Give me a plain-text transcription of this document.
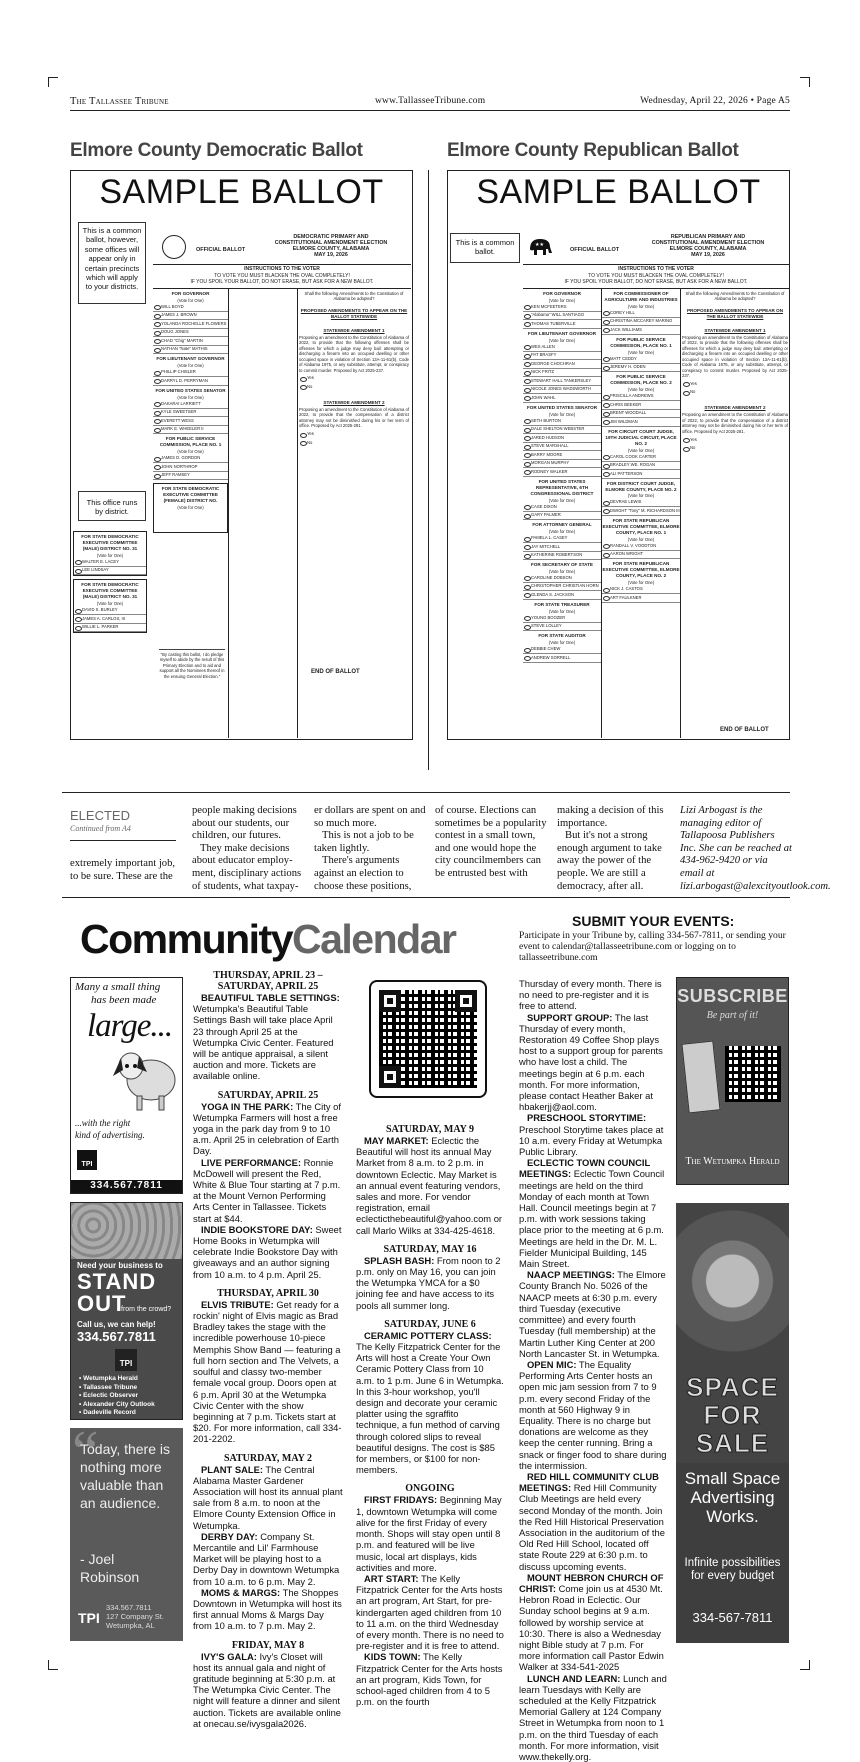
The Tallassee Tribune	www.TallasseeTribune.com	Wednesday, April 22, 2026 • Page A5
Elmore County Democratic Ballot	Elmore County Republican Ballot
SAMPLE BALLOT
This is a common ballot, however, some offices will appear only in certain precincts which will apply to your districts.
This office runs by district.
OFFICIAL BALLOT
DEMOCRATIC PRIMARY AND
CONSTITUTIONAL AMENDMENT ELECTION
ELMORE COUNTY, ALABAMA
MAY 19, 2026
INSTRUCTIONS TO THE VOTER
TO VOTE YOU MUST BLACKEN THE OVAL COMPLETELY!
IF YOU SPOIL YOUR BALLOT, DO NOT ERASE, BUT ASK FOR A NEW BALLOT.
FOR GOVERNOR
(Vote for One)
WILL BOYD
JAMES J. BROWN
YOLANDA ROCHELLE FLOWERS
DOUG JONES
CHAD "Chig" MARTIN
NATHAN "Nate" MATHIS
FOR LIEUTENANT GOVERNOR
(Vote for One)
PHILLIP CHISLER
DARRYL D. PERRYMAN
FOR UNITED STATES SENATOR
(Vote for One)
DAKARAI LARRIETT
KYLE SWEETSER
EVERETT WESS
MARK E. WHEELER II
FOR PUBLIC SERVICE COMMISSION, PLACE NO. 1
(Vote for One)
JAMES D. GORDON
JOHN NORTHROP
JEFF RAMSEY
FOR STATE DEMOCRATIC EXECUTIVE COMMITTEE (FEMALE) DISTRICT NO.
(Vote for One)
FOR STATE DEMOCRATIC EXECUTIVE COMMITTEE (MALE) DISTRICT NO. 31
(Vote for One)
WALTER E. LACEY
LEE LINDSAY
FOR STATE DEMOCRATIC EXECUTIVE COMMITTEE (MALE) DISTRICT NO. 31
(Vote for One)
DAVID S. BURLEY
JAMES A. CARLOS, III
WILLIE L. PARKER
Shall the following Amendments to the Constitution of Alabama be adopted?
PROPOSED AMENDMENTS TO APPEAR ON THE BALLOT STATEWIDE
STATEWIDE AMENDMENT 1
Proposing an amendment to the Constitution of Alabama of 2022, to provide that the following offenses shall be offenses for which a judge may deny bail: attempting or discharging a firearm into an occupied dwelling or other occupied space in violation of Section 13A-11-61(b), Code of Alabama 1975, or any substitute, attempt, or conspiracy to commit murder. Proposed by Act 2025-237.
Yes
No
STATEWIDE AMENDMENT 2
Proposing an amendment to the Constitution of Alabama of 2022, to provide that the compensation of a district attorney may not be diminished during his or her term of office. Proposed by Act 2025-281.
Yes
No
"By casting this ballot, I do pledge myself to abide by the result of this Primary Election and to aid and support all the Nominees thereof in the ensuing General Election."
END OF BALLOT
SAMPLE BALLOT
This is a common ballot.
★★
OFFICIAL BALLOT
REPUBLICAN PRIMARY AND
CONSTITUTIONAL AMENDMENT ELECTION
ELMORE COUNTY, ALABAMA
MAY 19, 2026
INSTRUCTIONS TO THE VOTER
TO VOTE YOU MUST BLACKEN THE OVAL COMPLETELY!
IF YOU SPOIL YOUR BALLOT, DO NOT ERASE, BUT ASK FOR A NEW BALLOT.
FOR GOVERNOR
(Vote for One)
KEN MCFEETERS
"Alabama" WILL SANTIAGO
THOMAS TUBERVILLE
FOR LIEUTENANT GOVERNOR
(Vote for One)
WES ALLEN
PAT BRASFY
GEORGE CHOCHRAN
NICK FRITZ
STEWART HALL TANKERSLEY
NICOLE JONES WADSWORTH
JOHN WAHL
FOR UNITED STATES SENATOR
(Vote for One)
SETH BURTON
DALE SHELTON WEBSTER
JARED HUDSON
STEVE MARSHALL
BARRY MOORE
MORGAN MURPHY
RODNEY WALKER
FOR UNITED STATES REPRESENTATIVE, 6TH CONGRESSIONAL DISTRICT
(Vote for One)
CASE DIXON
GARY PALMER
FOR ATTORNEY GENERAL
(Vote for One)
PAMELA L. CASEY
JAY MITCHELL
KATHERINE ROBERTSON
FOR SECRETARY OF STATE
(Vote for One)
CAROLINE DOBSON
CHRISTOPHER CHRISTIAN HORN
GLENDA S. JACKSON
FOR STATE TREASURER
(Vote for One)
YOUNG BOOZER
STEVE LOLLEY
FOR STATE AUDITOR
(Vote for One)
DEBBIE CHEW
ANDREW SORRELL
FOR COMMISSIONER OF AGRICULTURE AND INDUSTRIES
(Vote for One)
COREY HILL
CHRISTINA MCCAREY MARINO
JACK WILLIAMS
FOR PUBLIC SERVICE COMMISSION, PLACE NO. 1
(Vote for One)
MATT CEDDY
JEREMY H. ODEN
FOR PUBLIC SERVICE COMMISSION, PLACE NO. 2
(Vote for One)
PRISCILLA ANDREWS
CHRIS BEEKER
BRENT WOODALL
JIM WILDMAN
FOR CIRCUIT COURT JUDGE, 19TH JUDICIAL CIRCUIT, PLACE NO. 2
(Vote for One)
CAROL COOK CARTER
BRADLEY WE. ROGAN
ALI PATTERSON
FOR DISTRICT COURT JUDGE, ELMORE COUNTY, PLACE NO. 2
(Vote for One)
DEVRAE LEWIS
DWIGHT "Tony" M. RICHARDSON III
FOR STATE REPUBLICAN EXECUTIVE COMMITTEE, ELMORE COUNTY, PLACE NO. 1
(Vote for One)
RANDALL V. VOODTON
AARON WRIGHT
FOR STATE REPUBLICAN EXECUTIVE COMMITTEE, ELMORE COUNTY, PLACE NO. 2
(Vote for One)
NICK J. CASTOS
ART FAULKNER
Shall the following Amendments to the Constitution of Alabama be adopted?
PROPOSED AMENDMENTS TO APPEAR ON THE BALLOT STATEWIDE
STATEWIDE AMENDMENT 1
Proposing an amendment to the Constitution of Alabama of 2022, to provide that the following offenses shall be offenses for which a judge may deny bail: attempting or discharging a firearm into an occupied dwelling or other occupied space in violation of Section 13A-11-61(b), Code of Alabama 1975, or any substitute, attempt, or conspiracy to commit murder. Proposed by Act 2025-237.
Yes
No
STATEWIDE AMENDMENT 2
Proposing an amendment to the Constitution of Alabama of 2022, to provide that the compensation of a district attorney may not be diminished during his or her term of office. Proposed by Act 2025-281.
Yes
No
END OF BALLOT
ELECTED
Continued from A4
extremely important job, to be sure. These are the
people making decisions about our students, our children, our futures.
They make decisions about educator employ-ment, disciplinary actions of students, what taxpay-
er dollars are spent on and so much more.
This is not a job to be taken lightly.
There's arguments against an election to choose these positions,
of course. Elections can sometimes be a popularity contest in a small town, and one would hope the city councilmembers can be entrusted best with
making a decision of this importance.
But it's not a strong enough argument to take away the power of the people. We are still a democracy, after all.
Lizi Arbogast is the managing editor of Tallapoosa Publishers Inc. She can be reached at 434-962-9420 or via email at lizi.arbogast@alexcityoutlook.com.
CommunityCalendar	SUBMIT YOUR EVENTS:
Participate in your Tribune by, calling 334-567-7811, or sending your event to calendar@tallasseetribune.com or logging on to tallasseetribune.com
Many a small thing
has been made
large...
...with the right
kind of advertising.
TPI
334.567.7811
Need your business to
STAND
OUT
from the crowd?
Call us, we can help!
334.567.7811
TPI
• Wetumpka Herald
• Tallassee Tribune
• Eclectic Observer
• Alexander City Outlook
• Dadeville Record
“
Today, there is nothing more valuable than an audience.
- Joel Robinson
TPI
334.567.7811
127 Company St.
Wetumpka, AL
THURSDAY, APRIL 23 – SATURDAY, APRIL 25

BEAUTIFUL TABLE SETTINGS: Wetumpka's Beautiful Table Settings Bash will take place April 23 through April 25 at the Wetumpka Civic Center. Featured will be antique appraisal, a silent auction and more. Tickets are available online.

SATURDAY, APRIL 25

YOGA IN THE PARK: The City of Wetumpka Farmers will host a free yoga in the park day from 9 to 10 a.m. April 25 in celebration of Earth Day.

LIVE PERFORMANCE: Ronnie McDowell will present the Red, White & Blue Tour starting at 7 p.m. at the Mount Vernon Performing Arts Center in Tallassee. Tickets start at $44.

INDIE BOOKSTORE DAY: Sweet Home Books in Wetumpka will celebrate Indie Bookstore Day with giveaways and an author signing from 10 a.m. to 4 p.m. April 25.

THURSDAY, APRIL 30

ELVIS TRIBUTE: Get ready for a rockin' night of Elvis magic as Brad Bradley takes the stage with the incredible powerhouse 10-piece Memphis Show Band — featuring a full horn section and The Velvets, a soulful and classy two-member female vocal group. Doors open at 6 p.m. April 30 at the Wetumpka Civic Center with the show beginning at 7 p.m. Tickets start at $20. For more information, call 334-201-2202.

SATURDAY, MAY 2

PLANT SALE: The Central Alabama Master Gardener Association will host its annual plant sale from 8 a.m. to noon at the Elmore County Extension Office in Wetumpka.

DERBY DAY: Company St. Mercantile and Lil' Farmhouse Market will be playing host to a Derby Day in downtown Wetumpka from 10 a.m. to 6 p.m. May 2.

MOMS & MARGS: The Shoppes Downtown in Wetumpka will host its first annual Moms & Margs Day from 10 a.m. to 7 p.m. May 2.

FRIDAY, MAY 8

IVY'S GALA: Ivy's Closet will host its annual gala and night of gratitude beginning at 5:30 p.m. at The Wetumpka Civic Center. The night will feature a dinner and silent auction. Tickets are available online at onecau.se/ivysgala2026.

SATURDAY, MAY 9

MAY MARKET: Eclectic the Beautiful will host its annual May Market from 8 a.m. to 2 p.m. in downtown Eclectic. May Market is an annual event featuring vendors, sales and more. For vendor registration, email eclecticthebeautiful@yahoo.com or call Marlo Wilks at 334-425-4618.

SATURDAY, MAY 16

SPLASH BASH: From noon to 2 p.m. only on May 16, you can join the Wetumpka YMCA for a $0 joining fee and have access to its pools all summer long.

SATURDAY, JUNE 6

CERAMIC POTTERY CLASS: The Kelly Fitzpatrick Center for the Arts will host a Create Your Own Ceramic Pottery Class from 10 a.m. to 1 p.m. June 6 in Wetumpka. In this 3-hour workshop, you'll design and decorate your ceramic platter using the sgraffito technique, a fun method of carving through colored slips to reveal beautiful designs. The cost is $85 for members, or $100 for non-members.

ONGOING

FIRST FRIDAYS: Beginning May 1, downtown Wetumpka will come alive for the first Friday of every month. Shops will stay open until 8 p.m. and featured will be live music, local art displays, kids activities and more.

ART START: The Kelly Fitzpatrick Center for the Arts hosts an art program, Art Start, for pre-kindergarten aged children from 10 to 11 a.m. on the third Wednesday of every month. There is no need to pre-register and it is free to attend.

KIDS TOWN: The Kelly Fitzpatrick Center for the Arts hosts an art program, Kids Town, for school-aged children from 4 to 5 p.m. on the fourth

Thursday of every month. There is no need to pre-register and it is free to attend.

SUPPORT GROUP: The last Thursday of every month, Restoration 49 Coffee Shop plays host to a support group for parents who have lost a child. The meetings begin at 6 p.m. each month. For more information, please contact Heather Baker at hbakerjj@aol.com.

PRESCHOOL STORYTIME: Preschool Storytime takes place at 10 a.m. every Friday at Wetumpka Public Library.

ECLECTIC TOWN COUNCIL MEETINGS: Eclectic Town Council meetings are held on the third Monday of each month at Town Hall. Council meetings begin at 7 p.m. with work sessions taking place prior to the meeting at 6 p.m. Meetings are held in the Dr. M. L. Fielder Municipal Building, 145 Main Street.

NAACP MEETINGS: The Elmore County Branch No. 5026 of the NAACP meets at 6:30 p.m. every third Tuesday (executive committee) and every fourth Tuesday (full membership) at the Martin Luther King Center at 200 North Lancaster St. in Wetumpka.

OPEN MIC: The Equality Performing Arts Center hosts an open mic jam session from 7 to 9 p.m. every second Friday of the month at 560 Highway 9 in Equality. There is no charge but donations are welcome as they keep the center running. Bring a snack or finger food to share during the intermission.

RED HILL COMMUNITY CLUB MEETINGS: Red Hill Community Club Meetings are held every second Monday of the month. Join the Red Hill Historical Preservation Association in the auditorium of the Old Red Hill School, located off state Route 229 at 6:30 p.m. to discuss upcoming events.

MOUNT HEBRON CHURCH OF CHRIST: Come join us at 4530 Mt. Hebron Road in Eclectic. Our Sunday school begins at 9 a.m. followed by worship service at 10:30. There is also a Wednesday night Bible study at 7 p.m. For more information call Pastor Edwin Walker at 334-541-2025

LUNCH AND LEARN: Lunch and learn Tuesdays with Kelly are scheduled at the Kelly Fitzpatrick Memorial Gallery at 124 Company Street in Wetumpka from noon to 1 p.m. on the third Tuesday of each month. For more information, visit www.thekelly.org.

SUBSCRIBE
Be part of it!
The Wetumpka Herald
SPACE
FOR
SALE
Small Space Advertising Works.
Infinite possibilities for every budget
334-567-7811
